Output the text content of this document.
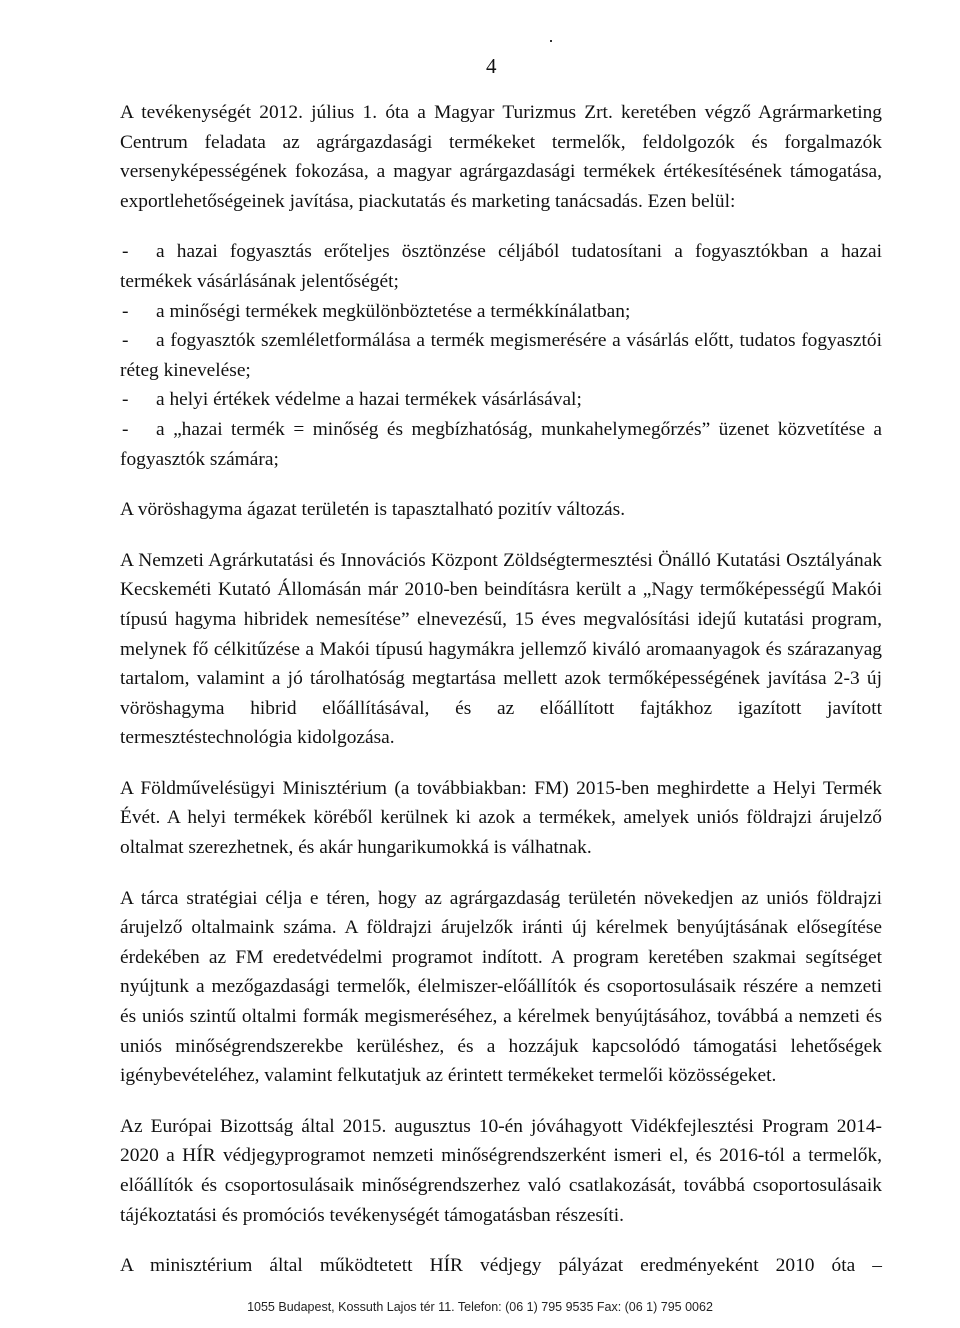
4

A tevékenységét 2012. július 1. óta a Magyar Turizmus Zrt. keretében végző Agrármarketing Centrum feladata az agrárgazdasági termékeket termelők, feldolgozók és forgalmazók versenyképességének fokozása, a magyar agrárgazdasági termékek értékesítésének támogatása, exportlehetőségeinek javítása, piackutatás és marketing tanácsadás. Ezen belül:

- a hazai fogyasztás erőteljes ösztönzése céljából tudatosítani a fogyasztókban a hazai termékek vásárlásának jelentőségét;

- a minőségi termékek megkülönböztetése a termékkínálatban;

- a fogyasztók szemléletformálása a termék megismerésére a vásárlás előtt, tudatos fogyasztói réteg kinevelése;

- a helyi értékek védelme a hazai termékek vásárlásával;

- a „hazai termék = minőség és megbízhatóság, munkahelymegőrzés” üzenet közvetítése a fogyasztók számára;

A vöröshagyma ágazat területén is tapasztalható pozitív változás.

A Nemzeti Agrárkutatási és Innovációs Központ Zöldségtermesztési Önálló Kutatási Osztályának Kecskeméti Kutató Állomásán már 2010-ben beindításra került a „Nagy termőképességű Makói típusú hagyma hibridek nemesítése” elnevezésű, 15 éves megvalósítási idejű kutatási program, melynek fő célkitűzése a Makói típusú hagymákra jellemző kiváló aromaanyagok és szárazanyag tartalom, valamint a jó tárolhatóság megtartása mellett azok termőképességének javítása 2-3 új vöröshagyma hibrid előállításával, és az előállított fajtákhoz igazított javított termesztéstechnológia kidolgozása.

A Földművelésügyi Minisztérium (a továbbiakban: FM) 2015-ben meghirdette a Helyi Termék Évét. A helyi termékek köréből kerülnek ki azok a termékek, amelyek uniós földrajzi árujelző oltalmat szerezhetnek, és akár hungarikumokká is válhatnak.

A tárca stratégiai célja e téren, hogy az agrárgazdaság területén növekedjen az uniós földrajzi árujelző oltalmaink száma. A földrajzi árujelzők iránti új kérelmek benyújtásának elősegítése érdekében az FM eredetvédelmi programot indított. A program keretében szakmai segítséget nyújtunk a mezőgazdasági termelők, élelmiszer-előállítók és csoportosulásaik részére a nemzeti és uniós szintű oltalmi formák megismeréséhez, a kérelmek benyújtásához, továbbá a nemzeti és uniós minőségrendszerekbe kerüléshez, és a hozzájuk kapcsolódó támogatási lehetőségek igénybevételéhez, valamint felkutatjuk az érintett termékeket termelői közösségeket.

Az Európai Bizottság által 2015. augusztus 10-én jóváhagyott Vidékfejlesztési Program 2014-2020 a HÍR védjegyprogramot nemzeti minőségrendszerként ismeri el, és 2016-tól a termelők, előállítók és csoportosulásaik minőségrendszerhez való csatlakozását, továbbá csoportosulásaik tájékoztatási és promóciós tevékenységét támogatásban részesíti.

A minisztérium által működtetett HÍR védjegy pályázat eredményeként 2010 óta –

1055 Budapest, Kossuth Lajos tér 11. Telefon: (06 1) 795 9535 Fax: (06 1) 795 0062
